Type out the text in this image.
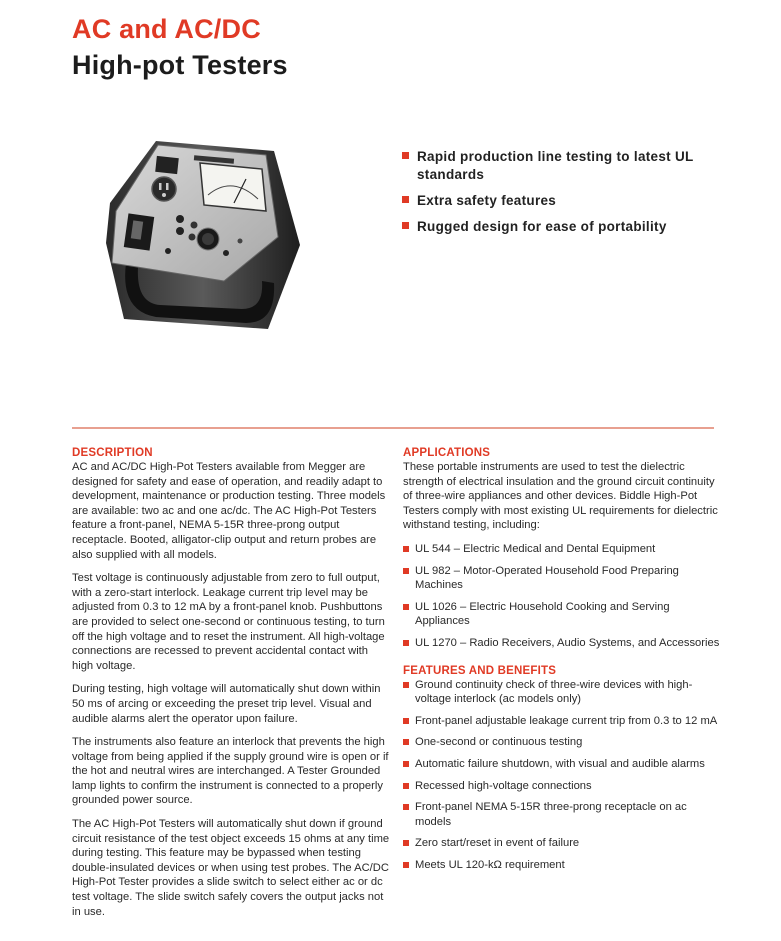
AC and AC/DC
High-pot Testers
Rapid production line testing to latest UL standards
Extra safety features
Rugged design for ease of portability
DESCRIPTION

AC and AC/DC High-Pot Testers available from Megger are designed for safety and ease of operation, and readily adapt to development, maintenance or production testing. Three models are available: two ac and one ac/dc. The AC High-Pot Testers feature a front-panel, NEMA 5-15R three-prong output receptacle. Booted, alligator-clip output and return probes are also supplied with all models.

Test voltage is continuously adjustable from zero to full output, with a zero-start interlock. Leakage current trip level may be adjusted from 0.3 to 12 mA by a front-panel knob. Pushbuttons are provided to select one-second or continuous testing, to turn off the high voltage and to reset the instrument. All high-voltage connections are recessed to prevent accidental contact with high voltage.

During testing, high voltage will automatically shut down within 50 ms of arcing or exceeding the preset trip level. Visual and audible alarms alert the operator upon failure.

The instruments also feature an interlock that prevents the high voltage from being applied if the supply ground wire is open or if the hot and neutral wires are interchanged. A Tester Grounded lamp lights to confirm the instrument is connected to a properly grounded power source.

The AC High-Pot Testers will automatically shut down if ground circuit resistance of the test object exceeds 15 ohms at any time during testing. This feature may be bypassed when testing double-insulated devices or when using test probes. The AC/DC High-Pot Tester provides a slide switch to select either ac or dc test voltage. The slide switch safely covers the output jacks not in use.

APPLICATIONS

These portable instruments are used to test the dielectric strength of electrical insulation and the ground circuit continuity of three-wire appliances and other devices. Biddle High-Pot Testers comply with most existing UL requirements for dielectric withstand testing, including:

UL 544 – Electric Medical and Dental Equipment
UL 982 – Motor-Operated Household Food Preparing Machines
UL 1026 – Electric Household Cooking and Serving Appliances
UL 1270 – Radio Receivers, Audio Systems, and Accessories
FEATURES AND BENEFITS
Ground continuity check of three-wire devices with high-voltage interlock (ac models only)
Front-panel adjustable leakage current trip from 0.3 to 12 mA
One-second or continuous testing
Automatic failure shutdown, with visual and audible alarms
Recessed high-voltage connections
Front-panel NEMA 5-15R three-prong receptacle on ac models
Zero start/reset in event of failure
Meets UL 120-kΩ requirement
